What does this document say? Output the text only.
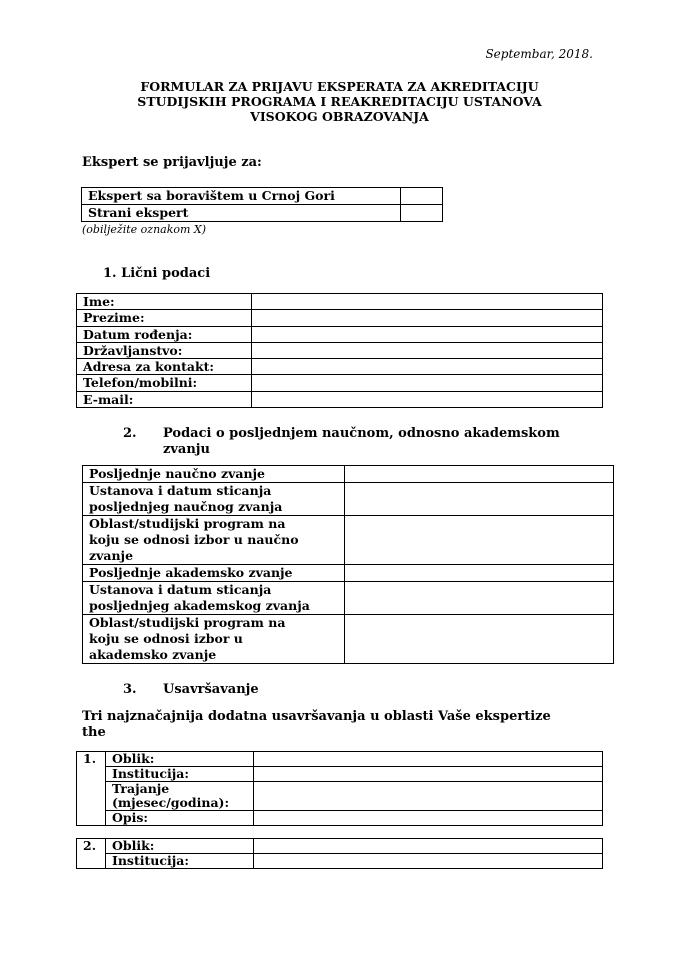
Septembar, 2018.
FORMULAR ZA PRIJAVU EKSPERATA ZA AKREDITACIJU
STUDIJSKIH PROGRAMA I REAKREDITACIJU USTANOVA
VISOKOG OBRAZOVANJA
Ekspert se prijavljuje za:
Ekspert sa boravištem u Crnoj Gori	
Strani ekspert	
(obilježite oznakom X)
1. Lični podaci
Ime:	
Prezime:	
Datum rođenja:	
Državljanstvo:	
Adresa za kontakt:	
Telefon/mobilni:	
E-mail:	
2. Podaci o posljednjem naučnom, odnosno akademskom
zvanju
Posljednje naučno zvanje	

Ustanova i datum sticanja
posljednjeg naučnog zvanja	

Oblast/studijski program na
koju se odnosi izbor u naučno
zvanje	

Posljednje akademsko zvanje	

Ustanova i datum sticanja
posljednjeg akademskog zvanja	

Oblast/studijski program na
koju se odnosi izbor u
akademsko zvanje	

3. Usavršavanje
Tri najznačajnija dodatna usavršavanja u oblasti Vaše ekspertize
the
1.	Oblik:	

	Institucija:	

	Trajanje
(mjesec/godina):	

	Opis:	

2.	Oblik:	

	Institucija:	
